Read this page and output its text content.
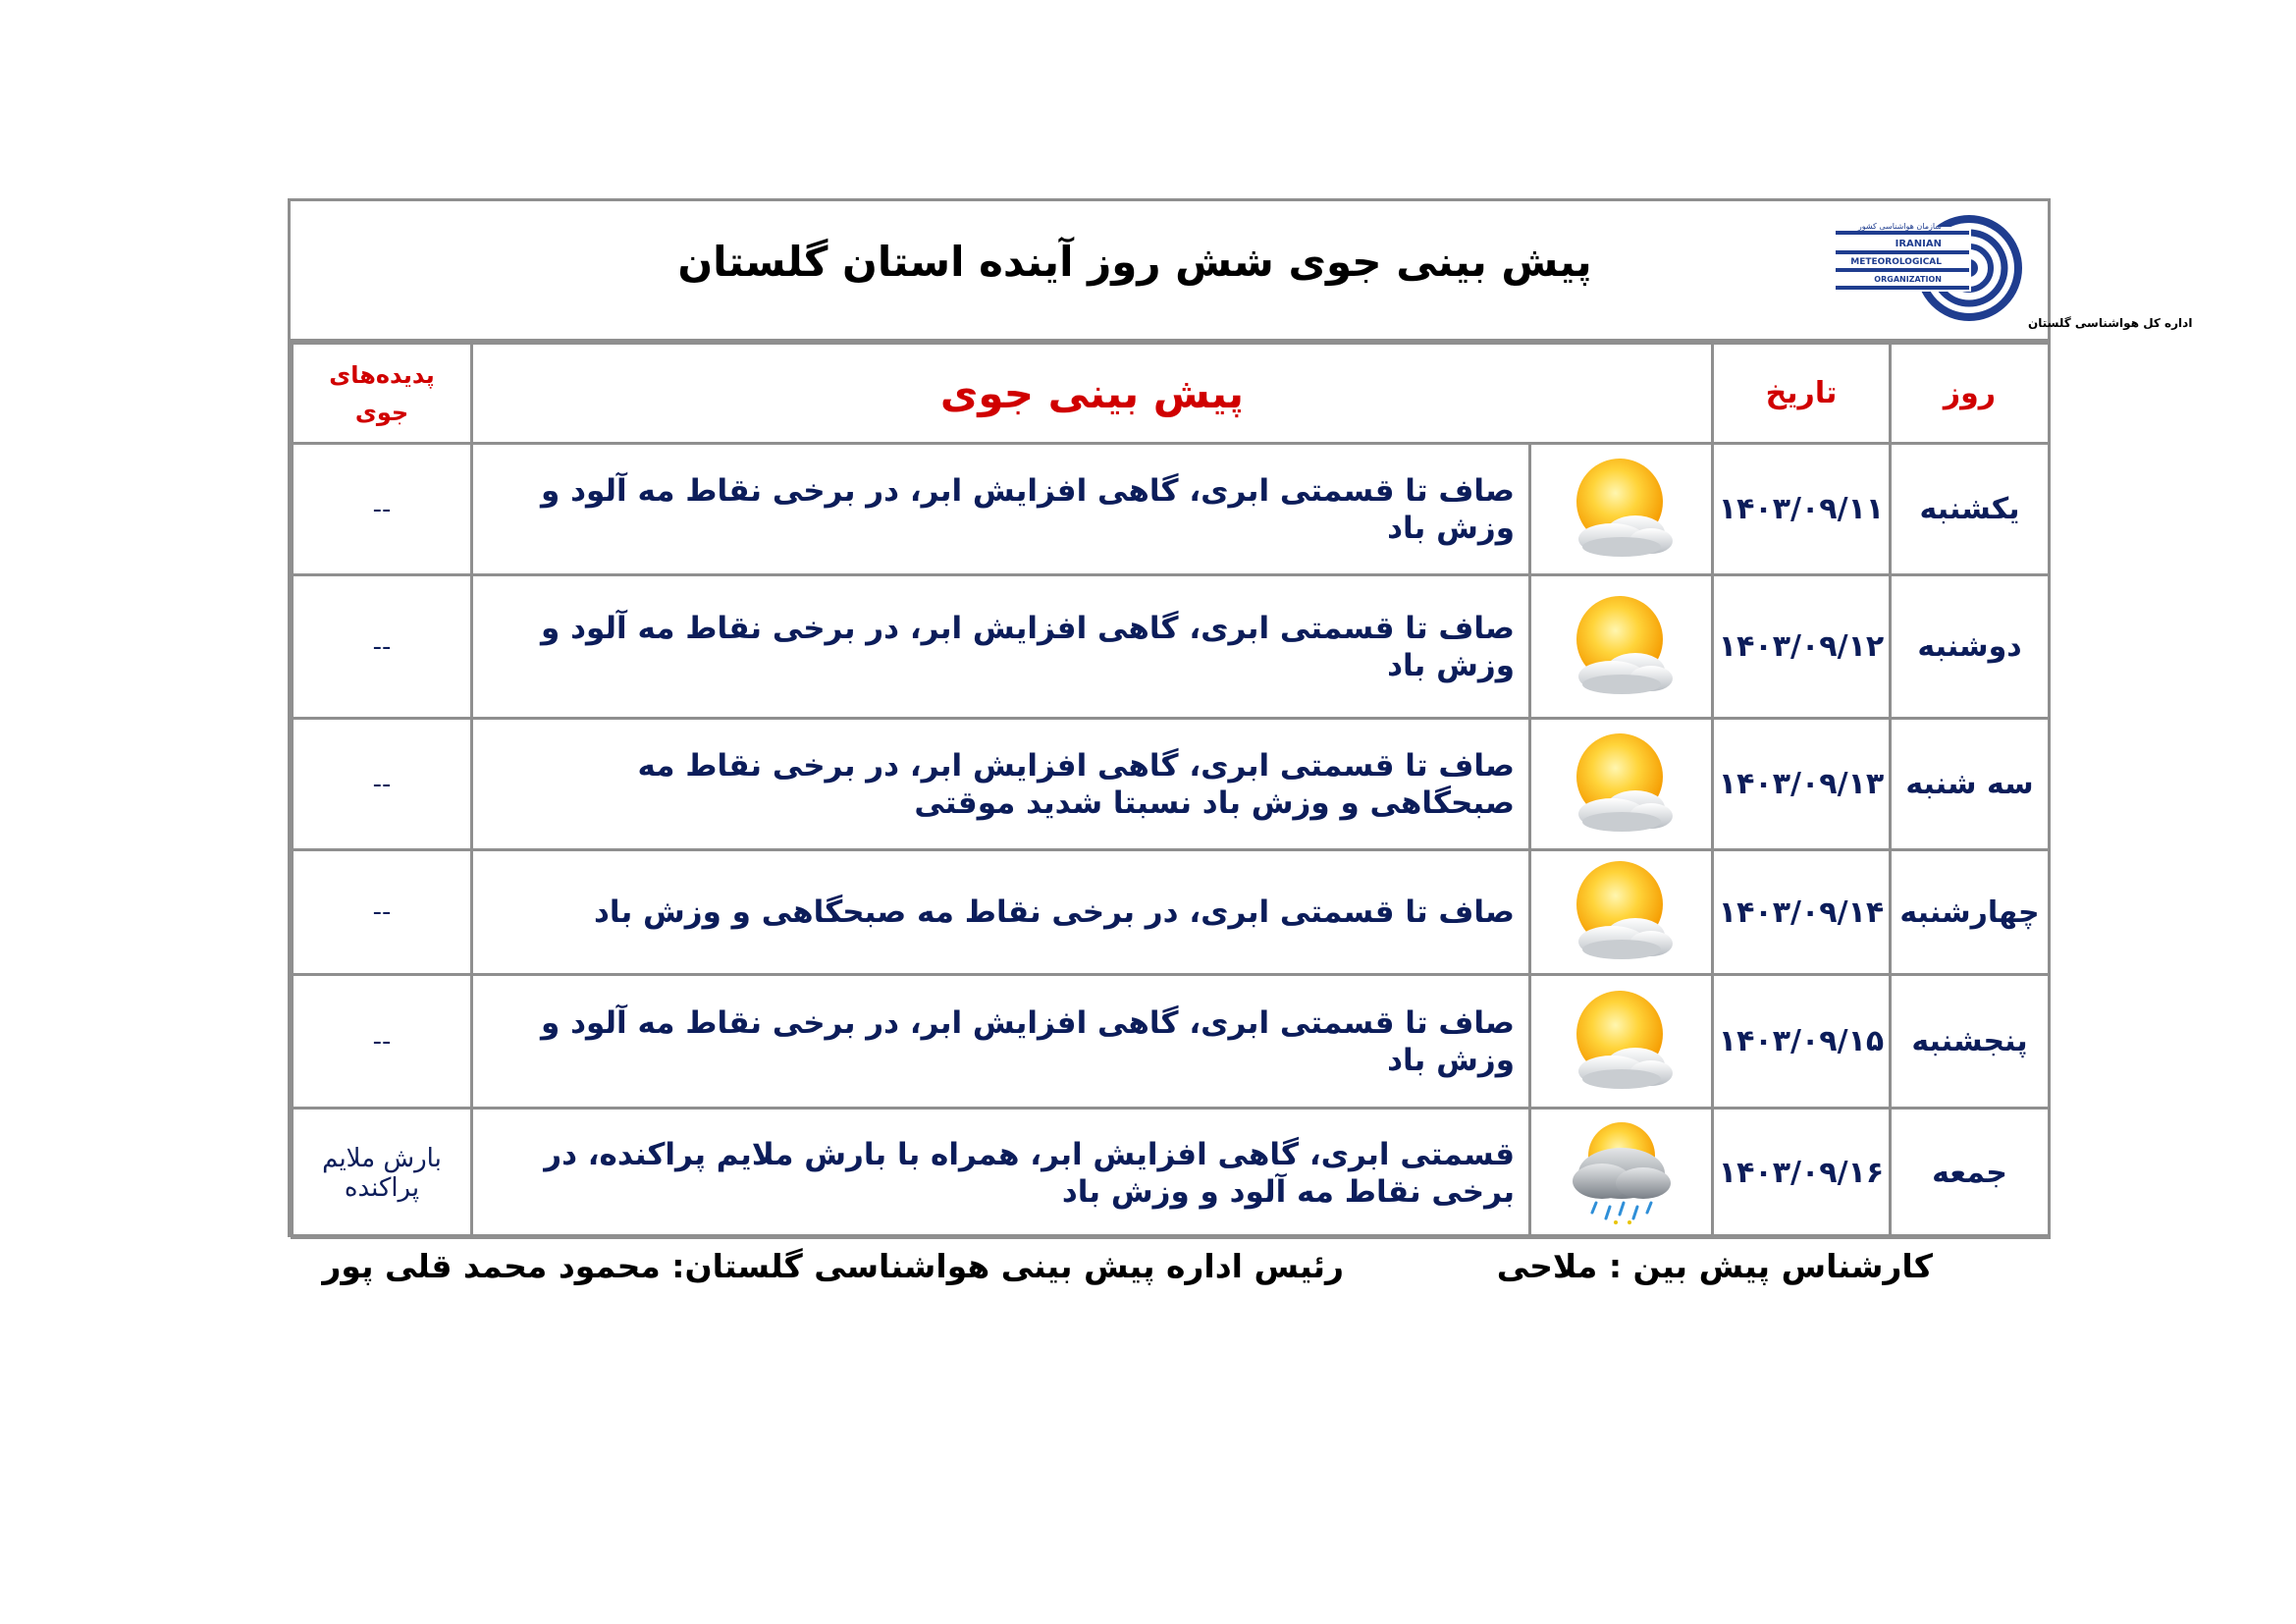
پیش بینی جوی شش روز آینده استان گلستان
سازمان هواشناسی کشور
IRANIAN
METEOROLOGICAL
ORGANIZATION
اداره کل هواشناسی گلستان
روز	تاریخ	پیش بینی جوی		پدیده‌های
جوی

یکشنبه	۱۴۰۳/۰۹/۱۱		صاف تا قسمتی ابری، گاهی افزایش ابر، در برخی نقاط مه آلود و وزش باد	--
دوشنبه	۱۴۰۳/۰۹/۱۲		صاف تا قسمتی ابری، گاهی افزایش ابر، در برخی نقاط مه آلود و وزش باد	--
سه شنبه	۱۴۰۳/۰۹/۱۳		صاف تا قسمتی ابری، گاهی افزایش ابر، در برخی نقاط مه صبحگاهی و وزش باد نسبتا شدید موقتی	--
چهارشنبه	۱۴۰۳/۰۹/۱۴		صاف تا قسمتی ابری، در برخی نقاط مه صبحگاهی و وزش باد	--
پنجشنبه	۱۴۰۳/۰۹/۱۵		صاف تا قسمتی ابری، گاهی افزایش ابر، در برخی نقاط مه آلود و وزش باد	--
جمعه	۱۴۰۳/۰۹/۱۶		قسمتی ابری، گاهی افزایش ابر، همراه با بارش ملایم پراکنده، در برخی نقاط مه آلود و وزش باد	بارش ملایم پراکنده
کارشناس پیش بین : ملاحی
رئیس اداره پیش بینی هواشناسی گلستان: محمود محمد قلی پور
